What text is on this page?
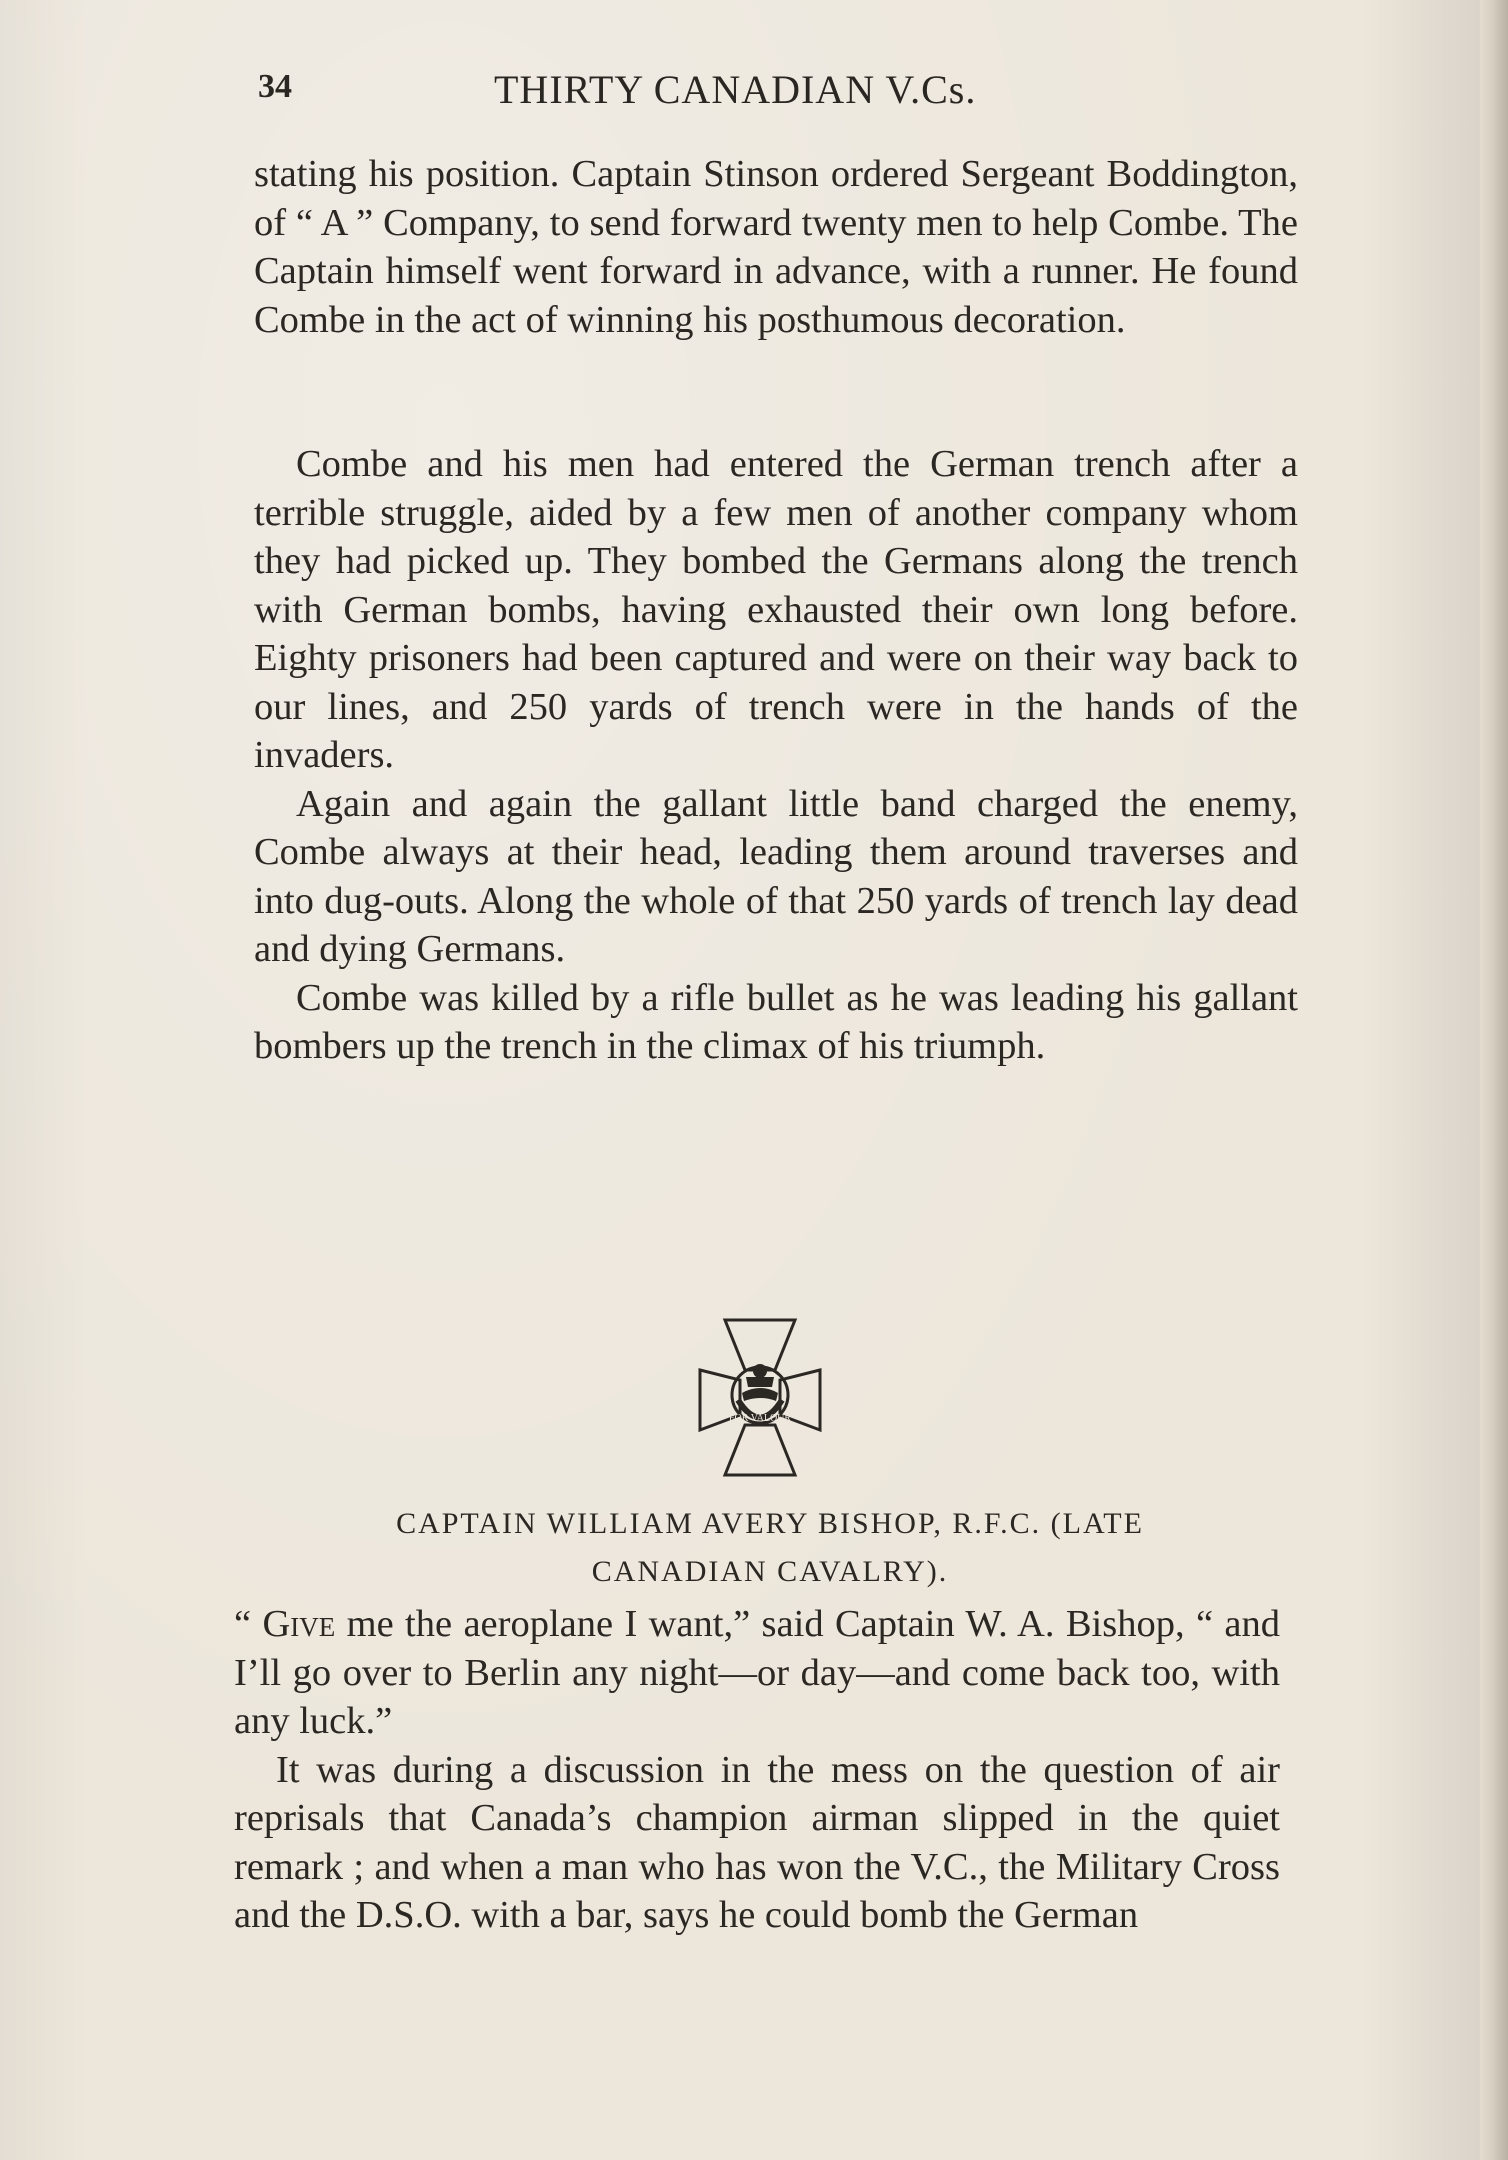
34	THIRTY CANADIAN V.Cs.

stating his position. Captain Stinson ordered Sergeant Boddington, of “ A ” Company, to send forward twenty men to help Combe. The Captain himself went forward in advance, with a runner. He found Combe in the act of winning his posthumous decoration.

Combe and his men had entered the German trench after a terrible struggle, aided by a few men of another company whom they had picked up. They bombed the Germans along the trench with German bombs, having exhausted their own long before. Eighty prisoners had been captured and were on their way back to our lines, and 250 yards of trench were in the hands of the invaders.

Again and again the gallant little band charged the enemy, Combe always at their head, leading them around traverses and into dug-outs. Along the whole of that 250 yards of trench lay dead and dying Germans.

Combe was killed by a rifle bullet as he was leading his gallant bombers up the trench in the climax of his triumph.

FOR VALOUR
CAPTAIN WILLIAM AVERY BISHOP, R.F.C. (LATE
CANADIAN CAVALRY).

“ Give me the aeroplane I want,” said Captain W. A. Bishop, “ and I’ll go over to Berlin any night—or day—and come back too, with any luck.”

It was during a discussion in the mess on the question of air reprisals that Canada’s champion airman slipped in the quiet remark ; and when a man who has won the V.C., the Military Cross and the D.S.O. with a bar, says he could bomb the German
